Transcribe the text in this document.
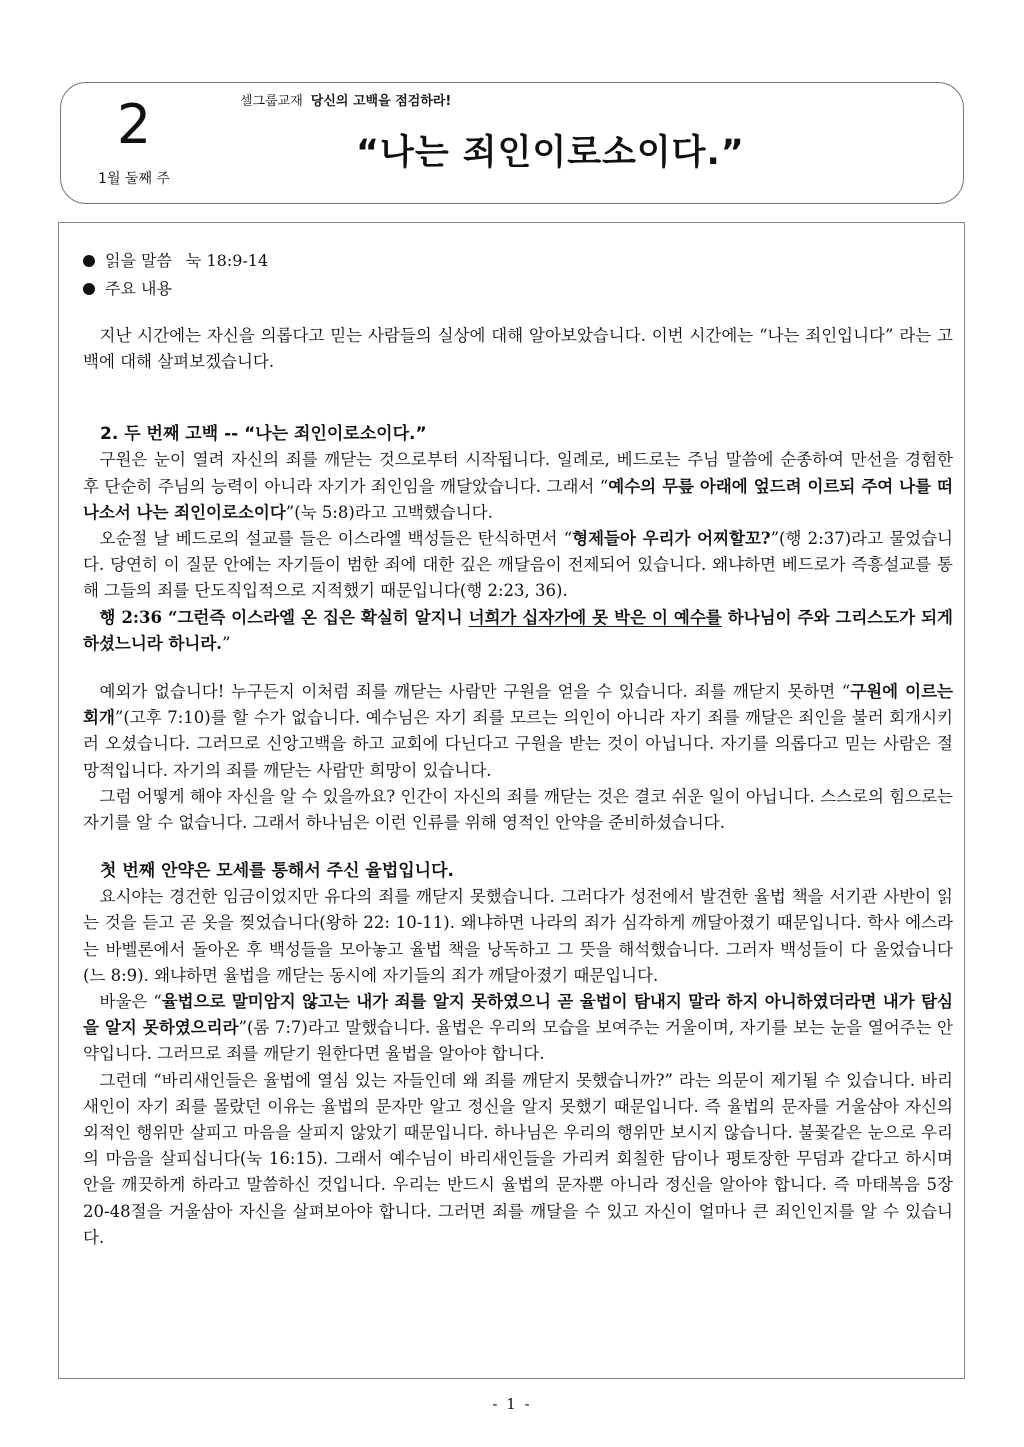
2
1월 둘째 주
셀그룹교재 당신의 고백을 점검하라!
“나는 죄인이로소이다.”
읽을 말씀 눅 18:9-14
주요 내용

지난 시간에는 자신을 의롭다고 믿는 사람들의 실상에 대해 알아보았습니다. 이번 시간에는 “나는 죄인입니다” 라는 고백에 대해 살펴보겠습니다.

2. 두 번째 고백 -- “나는 죄인이로소이다.”

구원은 눈이 열려 자신의 죄를 깨닫는 것으로부터 시작됩니다. 일례로, 베드로는 주님 말씀에 순종하여 만선을 경험한 후 단순히 주님의 능력이 아니라 자기가 죄인임을 깨달았습니다. 그래서 “예수의 무릎 아래에 엎드려 이르되 주여 나를 떠나소서 나는 죄인이로소이다”(눅 5:8)라고 고백했습니다.

오순절 날 베드로의 설교를 들은 이스라엘 백성들은 탄식하면서 “형제들아 우리가 어찌할꼬?”(행 2:37)라고 물었습니다. 당연히 이 질문 안에는 자기들이 범한 죄에 대한 깊은 깨달음이 전제되어 있습니다. 왜냐하면 베드로가 즉흥설교를 통해 그들의 죄를 단도직입적으로 지적했기 때문입니다(행 2:23, 36).

행 2:36 “그런즉 이스라엘 온 집은 확실히 알지니 너희가 십자가에 못 박은 이 예수를 하나님이 주와 그리스도가 되게 하셨느니라 하니라.”

예외가 없습니다! 누구든지 이처럼 죄를 깨닫는 사람만 구원을 얻을 수 있습니다. 죄를 깨닫지 못하면 “구원에 이르는 회개”(고후 7:10)를 할 수가 없습니다. 예수님은 자기 죄를 모르는 의인이 아니라 자기 죄를 깨달은 죄인을 불러 회개시키러 오셨습니다. 그러므로 신앙고백을 하고 교회에 다닌다고 구원을 받는 것이 아닙니다. 자기를 의롭다고 믿는 사람은 절망적입니다. 자기의 죄를 깨닫는 사람만 희망이 있습니다.

그럼 어떻게 해야 자신을 알 수 있을까요? 인간이 자신의 죄를 깨닫는 것은 결코 쉬운 일이 아닙니다. 스스로의 힘으로는 자기를 알 수 없습니다. 그래서 하나님은 이런 인류를 위해 영적인 안약을 준비하셨습니다.

첫 번째 안약은 모세를 통해서 주신 율법입니다.

요시야는 경건한 임금이었지만 유다의 죄를 깨닫지 못했습니다. 그러다가 성전에서 발견한 율법 책을 서기관 사반이 읽는 것을 듣고 곧 옷을 찢었습니다(왕하 22: 10-11). 왜냐하면 나라의 죄가 심각하게 깨달아졌기 때문입니다. 학사 에스라는 바벨론에서 돌아온 후 백성들을 모아놓고 율법 책을 낭독하고 그 뜻을 해석했습니다. 그러자 백성들이 다 울었습니다(느 8:9). 왜냐하면 율법을 깨닫는 동시에 자기들의 죄가 깨달아졌기 때문입니다.

바울은 “율법으로 말미암지 않고는 내가 죄를 알지 못하였으니 곧 율법이 탐내지 말라 하지 아니하였더라면 내가 탐심을 알지 못하였으리라”(롬 7:7)라고 말했습니다. 율법은 우리의 모습을 보여주는 거울이며, 자기를 보는 눈을 열어주는 안약입니다. 그러므로 죄를 깨닫기 원한다면 율법을 알아야 합니다.

그런데 “바리새인들은 율법에 열심 있는 자들인데 왜 죄를 깨닫지 못했습니까?” 라는 의문이 제기될 수 있습니다. 바리새인이 자기 죄를 몰랐던 이유는 율법의 문자만 알고 정신을 알지 못했기 때문입니다. 즉 율법의 문자를 거울삼아 자신의 외적인 행위만 살피고 마음을 살피지 않았기 때문입니다. 하나님은 우리의 행위만 보시지 않습니다. 불꽃같은 눈으로 우리의 마음을 살피십니다(눅 16:15). 그래서 예수님이 바리새인들을 가리켜 회칠한 담이나 평토장한 무덤과 같다고 하시며 안을 깨끗하게 하라고 말씀하신 것입니다. 우리는 반드시 율법의 문자뿐 아니라 정신을 알아야 합니다. 즉 마태복음 5장 20-48절을 거울삼아 자신을 살펴보아야 합니다. 그러면 죄를 깨달을 수 있고 자신이 얼마나 큰 죄인인지를 알 수 있습니다.

- 1 -
